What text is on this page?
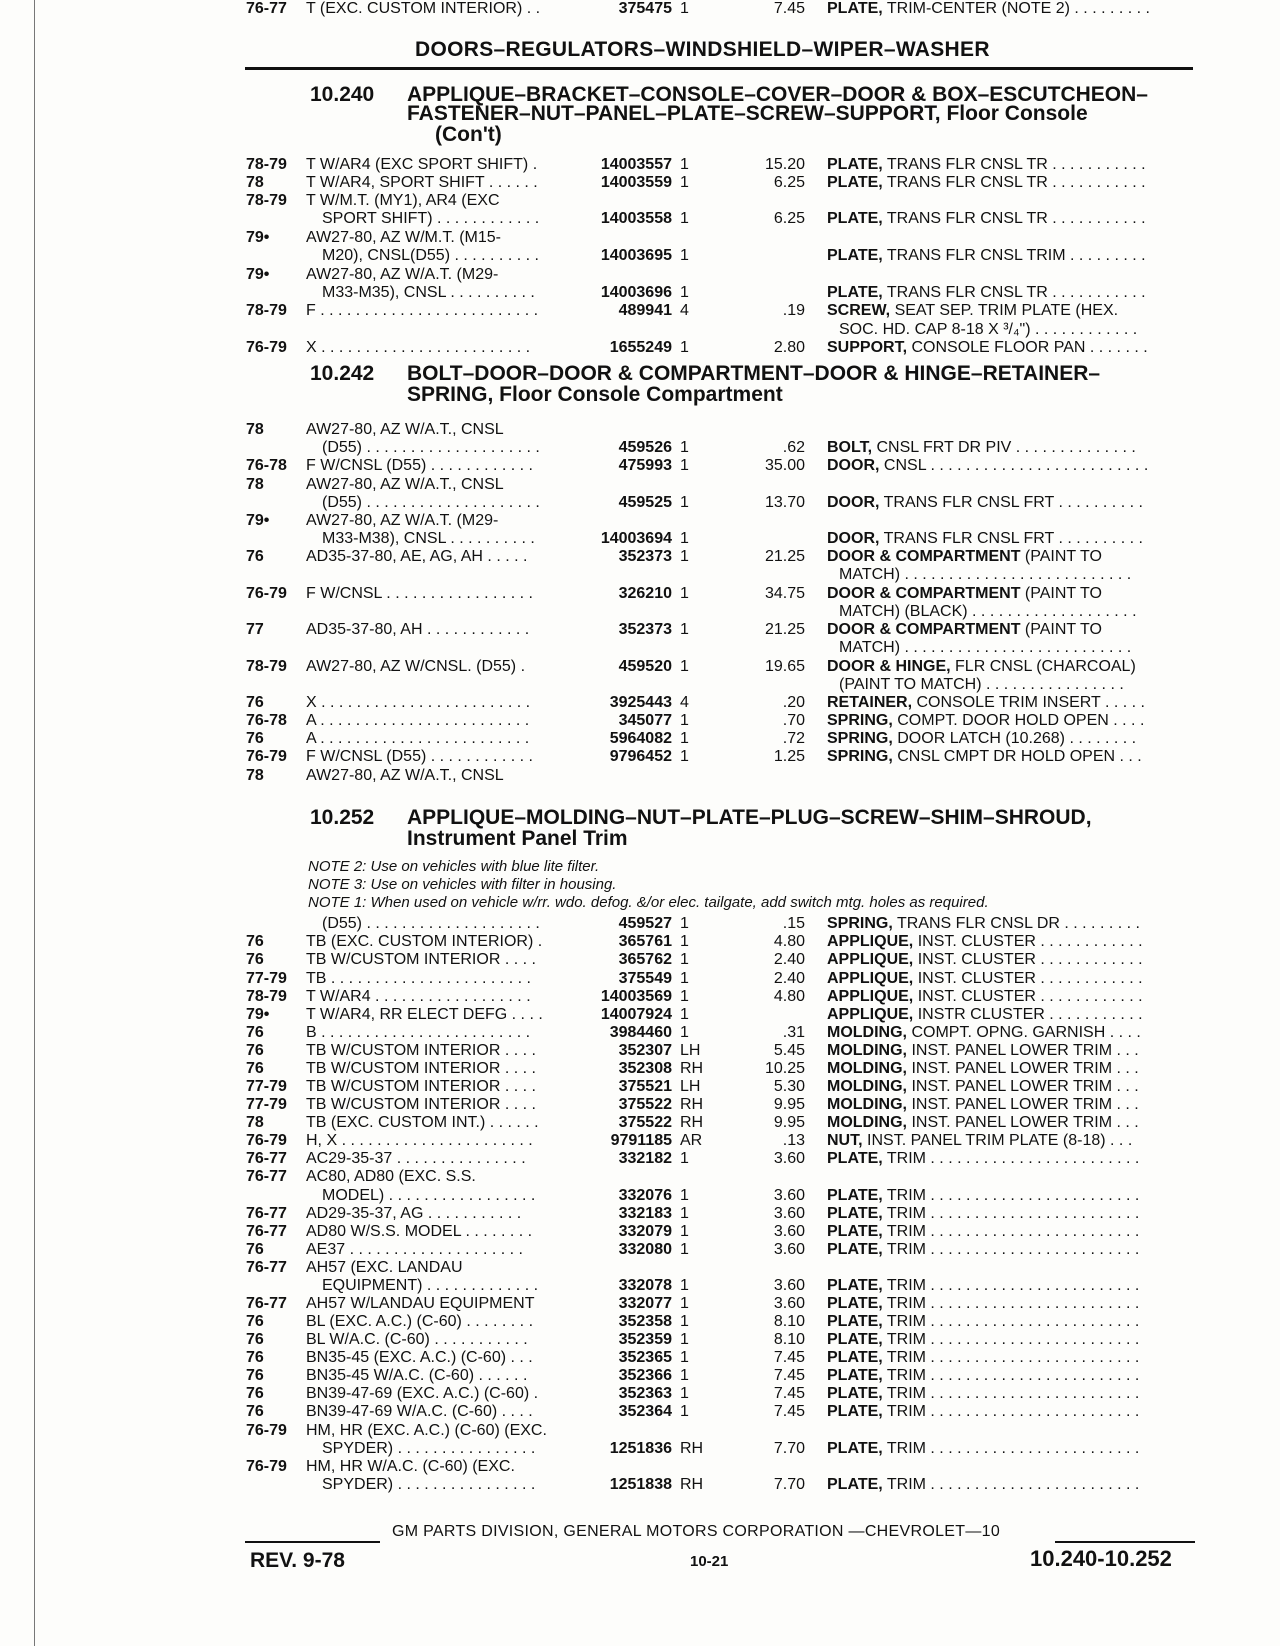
DOORS–REGULATORS–WINDSHIELD–WIPER–WASHER
10.240 APPLIQUE–BRACKET–CONSOLE–COVER–DOOR & BOX–ESCUTCHEON–
FASTENER–NUT–PANEL–PLATE–SCREW–SUPPORT, Floor Console
(Con't)
10.242 BOLT–DOOR–DOOR & COMPARTMENT–DOOR & HINGE–RETAINER–
SPRING, Floor Console Compartment
10.252 APPLIQUE–MOLDING–NUT–PLATE–PLUG–SCREW–SHIM–SHROUD,
Instrument Panel Trim
NOTE 2: Use on vehicles with blue lite filter.
NOTE 3: Use on vehicles with filter in housing.
NOTE 1: When used on vehicle w/rr. wdo. defog. &/or elec. tailgate, add switch mtg. holes as required.
78-79 T W/AR4 (EXC SPORT SHIFT) .	14003557 1	15.20 PLATE, TRANS FLR CNSL TR . . . . . . . . . . .
78	T W/AR4, SPORT SHIFT . . . . . .	14003559 1	6.25 PLATE, TRANS FLR CNSL TR . . . . . . . . . . .
78-79 T W/M.T. (MY1), AR4 (EXC
SPORT SHIFT) . . . . . . . . . . . .	14003558 1	6.25 PLATE, TRANS FLR CNSL TR . . . . . . . . . . .
79• AW27-80, AZ W/M.T. (M15-
M20), CNSL(D55) . . . . . . . . . .	14003695 1	PLATE, TRANS FLR CNSL TRIM . . . . . . . . .
79• AW27-80, AZ W/A.T. (M29-
M33-M35), CNSL . . . . . . . . . .	14003696 1	PLATE, TRANS FLR CNSL TR . . . . . . . . . . .
78-79 F . . . . . . . . . . . . . . . . . . . . . . . . .	489941 4	.19 SCREW, SEAT SEP. TRIM PLATE (HEX.
SOC. HD. CAP 8-18 X ³/₄") . . . . . . . . . . . .
76-79 X . . . . . . . . . . . . . . . . . . . . . . . .	1655249 1	2.80 SUPPORT, CONSOLE FLOOR PAN . . . . . . .
78	AW27-80, AZ W/A.T., CNSL
(D55) . . . . . . . . . . . . . . . . . . . .	459526 1	.62 BOLT, CNSL FRT DR PIV . . . . . . . . . . . . . .
76-78 F W/CNSL (D55) . . . . . . . . . . . .	475993 1	35.00 DOOR, CNSL . . . . . . . . . . . . . . . . . . . . . . . . .
78	AW27-80, AZ W/A.T., CNSL
(D55) . . . . . . . . . . . . . . . . . . . .	459525 1	13.70 DOOR, TRANS FLR CNSL FRT . . . . . . . . . .
79• AW27-80, AZ W/A.T. (M29-
M33-M38), CNSL . . . . . . . . . .	14003694 1	DOOR, TRANS FLR CNSL FRT . . . . . . . . . .
76	AD35-37-80, AE, AG, AH . . . . .	352373 1	21.25 DOOR & COMPARTMENT (PAINT TO
MATCH) . . . . . . . . . . . . . . . . . . . . . . . . . .
76-79 F W/CNSL . . . . . . . . . . . . . . . . .	326210 1	34.75 DOOR & COMPARTMENT (PAINT TO
MATCH) (BLACK) . . . . . . . . . . . . . . . . . . .
77	AD35-37-80, AH . . . . . . . . . . . .	352373 1	21.25 DOOR & COMPARTMENT (PAINT TO
MATCH) . . . . . . . . . . . . . . . . . . . . . . . . . .
78-79 AW27-80, AZ W/CNSL. (D55) .	459520 1	19.65 DOOR & HINGE, FLR CNSL (CHARCOAL)
(PAINT TO MATCH) . . . . . . . . . . . . . . . .
76	X . . . . . . . . . . . . . . . . . . . . . . . .	3925443 4	.20 RETAINER, CONSOLE TRIM INSERT . . . . .
76-78 A . . . . . . . . . . . . . . . . . . . . . . . .	345077 1	.70 SPRING, COMPT. DOOR HOLD OPEN . . . .
76	A . . . . . . . . . . . . . . . . . . . . . . . .	5964082 1	.72 SPRING, DOOR LATCH (10.268) . . . . . . . .
76-79 F W/CNSL (D55) . . . . . . . . . . . .	9796452 1	1.25 SPRING, CNSL CMPT DR HOLD OPEN . . .
78	AW27-80, AZ W/A.T., CNSL
(D55) . . . . . . . . . . . . . . . . . . . .	459527 1	.15 SPRING, TRANS FLR CNSL DR . . . . . . . . .
76	TB (EXC. CUSTOM INTERIOR) .	365761 1	4.80 APPLIQUE, INST. CLUSTER . . . . . . . . . . . .
76	TB W/CUSTOM INTERIOR . . . .	365762 1	2.40 APPLIQUE, INST. CLUSTER . . . . . . . . . . . .
77-79 TB . . . . . . . . . . . . . . . . . . . . . . .	375549 1	2.40 APPLIQUE, INST. CLUSTER . . . . . . . . . . . .
78-79 T W/AR4 . . . . . . . . . . . . . . . . . .	14003569 1	4.80 APPLIQUE, INST. CLUSTER . . . . . . . . . . . .
79• T W/AR4, RR ELECT DEFG . . . .	14007924 1	APPLIQUE, INSTR CLUSTER . . . . . . . . . . .
76	B . . . . . . . . . . . . . . . . . . . . . . . .	3984460 1	.31 MOLDING, COMPT. OPNG. GARNISH . . . .
76	TB W/CUSTOM INTERIOR . . . .	352307 LH	5.45 MOLDING, INST. PANEL LOWER TRIM . . .
76	TB W/CUSTOM INTERIOR . . . .	352308 RH	10.25 MOLDING, INST. PANEL LOWER TRIM . . .
77-79 TB W/CUSTOM INTERIOR . . . .	375521 LH	5.30 MOLDING, INST. PANEL LOWER TRIM . . .
77-79 TB W/CUSTOM INTERIOR . . . .	375522 RH	9.95 MOLDING, INST. PANEL LOWER TRIM . . .
78	TB (EXC. CUSTOM INT.) . . . . . .	375522 RH	9.95 MOLDING, INST. PANEL LOWER TRIM . . .
76-79 H, X . . . . . . . . . . . . . . . . . . . . . .	9791185 AR	.13 NUT, INST. PANEL TRIM PLATE (8-18) . . .
76-77 AC29-35-37 . . . . . . . . . . . . . . .	332182 1	3.60 PLATE, TRIM . . . . . . . . . . . . . . . . . . . . . . . .
76-77 AC80, AD80 (EXC. S.S.
MODEL) . . . . . . . . . . . . . . . . .	332076 1	3.60 PLATE, TRIM . . . . . . . . . . . . . . . . . . . . . . . .
76-77 AD29-35-37, AG . . . . . . . . . . .	332183 1	3.60 PLATE, TRIM . . . . . . . . . . . . . . . . . . . . . . . .
76-77 AD80 W/S.S. MODEL . . . . . . . .	332079 1	3.60 PLATE, TRIM . . . . . . . . . . . . . . . . . . . . . . . .
76	AE37 . . . . . . . . . . . . . . . . . . . .	332080 1	3.60 PLATE, TRIM . . . . . . . . . . . . . . . . . . . . . . . .
76-77 AH57 (EXC. LANDAU
EQUIPMENT) . . . . . . . . . . . . .	332078 1	3.60 PLATE, TRIM . . . . . . . . . . . . . . . . . . . . . . . .
76-77 AH57 W/LANDAU EQUIPMENT	332077 1	3.60 PLATE, TRIM . . . . . . . . . . . . . . . . . . . . . . . .
76	BL (EXC. A.C.) (C-60) . . . . . . . .	352358 1	8.10 PLATE, TRIM . . . . . . . . . . . . . . . . . . . . . . . .
76	BL W/A.C. (C-60) . . . . . . . . . . .	352359 1	8.10 PLATE, TRIM . . . . . . . . . . . . . . . . . . . . . . . .
76	BN35-45 (EXC. A.C.) (C-60) . . .	352365 1	7.45 PLATE, TRIM . . . . . . . . . . . . . . . . . . . . . . . .
76	BN35-45 W/A.C. (C-60) . . . . . .	352366 1	7.45 PLATE, TRIM . . . . . . . . . . . . . . . . . . . . . . . .
76	BN39-47-69 (EXC. A.C.) (C-60) .	352363 1	7.45 PLATE, TRIM . . . . . . . . . . . . . . . . . . . . . . . .
76	BN39-47-69 W/A.C. (C-60) . . . .	352364 1	7.45 PLATE, TRIM . . . . . . . . . . . . . . . . . . . . . . . .
76-79 HM, HR (EXC. A.C.) (C-60) (EXC.
SPYDER) . . . . . . . . . . . . . . . .	1251836 RH	7.70 PLATE, TRIM . . . . . . . . . . . . . . . . . . . . . . . .
76-79 HM, HR W/A.C. (C-60) (EXC.
SPYDER) . . . . . . . . . . . . . . . .	1251838 RH	7.70 PLATE, TRIM . . . . . . . . . . . . . . . . . . . . . . . .
76-77 T (EXC. CUSTOM INTERIOR) . .	375475 1	7.45 PLATE, TRIM-CENTER (NOTE 2) . . . . . . . . .
GM PARTS DIVISION, GENERAL MOTORS CORPORATION —CHEVROLET—10
REV. 9-78	10-21	10.240-10.252
